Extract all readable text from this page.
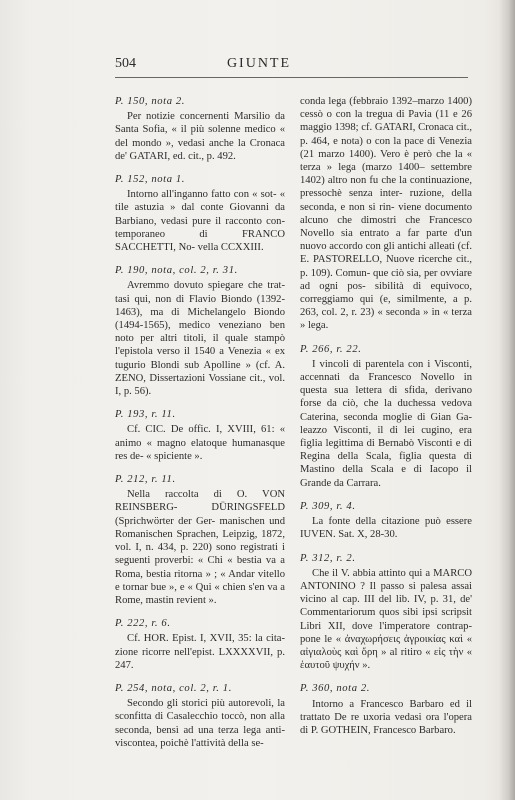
504	GIUNTE

P. 150, nota 2.

Per notizie concernenti Marsilio da Santa Sofia, « il più solenne medico « del mondo », vedasi anche la Cronaca de' GATARI, ed. cit., p. 492.

P. 152, nota 1.

Intorno all'inganno fatto con « sot- « tile astuzia » dal conte Giovanni da Barbiano, vedasi pure il racconto con- temporaneo di FRANCO SACCHETTI, No- vella CCXXIII.

P. 190, nota, col. 2, r. 31.

Avremmo dovuto spiegare che trat- tasi qui, non di Flavio Biondo (1392- 1463), ma di Michelangelo Biondo (1494-1565), medico veneziano ben noto per altri titoli, il quale stampò l'epistola verso il 1540 a Venezia « ex tugurio Blondi sub Apolline » (cf. A. ZENO, Dissertazioni Vossiane cit., vol. I, p. 56).

P. 193, r. 11.

Cf. CIC. De offic. I, XVIII, 61: « animo « magno elatoque humanasque res de- « spiciente ».

P. 212, r. 11.

Nella raccolta di O. VON REINSBERG- DÜRINGSFELD (Sprichwörter der Ger- manischen und Romanischen Sprachen, Leipzig, 1872, vol. I, n. 434, p. 220) sono registrati i seguenti proverbi: « Chi « bestia va a Roma, bestia ritorna » ; « Andar vitello e tornar bue », e « Qui « chien s'en va a Rome, mastin revient ».

P. 222, r. 6.

Cf. HOR. Epist. I, XVII, 35: la cita- zione ricorre nell'epist. LXXXXVII, p. 247.

P. 254, nota, col. 2, r. 1.

Secondo gli storici più autorevoli, la sconfitta di Casalecchio toccò, non alla seconda, bensì ad una terza lega anti- viscontea, poichè l'attività della se-

conda lega (febbraio 1392–marzo 1400) cessò o con la tregua di Pavia (11 e 26 maggio 1398; cf. GATARI, Cronaca cit., p. 464, e nota) o con la pace di Venezia (21 marzo 1400). Vero è però che la « terza » lega (marzo 1400– settembre 1402) altro non fu che la continuazione, pressochè senza inter- ruzione, della seconda, e non si rin- viene documento alcuno che dimostri che Francesco Novello sia entrato a far parte d'un nuovo accordo con gli antichi alleati (cf. E. PASTORELLO, Nuove ricerche cit., p. 109). Comun- que ciò sia, per ovviare ad ogni pos- sibilità di equivoco, correggiamo qui (e, similmente, a p. 263, col. 2, r. 23) « seconda » in « terza » lega.

P. 266, r. 22.

I vincoli di parentela con i Visconti, accennati da Francesco Novello in questa sua lettera di sfida, derivano forse da ciò, che la duchessa vedova Caterina, seconda moglie di Gian Ga- leazzo Visconti, il di lei cugino, era figlia legittima di Bernabò Visconti e di Regina della Scala, figlia questa di Mastino della Scala e di Iacopo il Grande da Carrara.

P. 309, r. 4.

La fonte della citazione può essere IUVEN. Sat. X, 28-30.

P. 312, r. 2.

Che il V. abbia attinto qui a MARCO ANTONINO ? Il passo si palesa assai vicino al cap. III del lib. IV, p. 31, de' Commentariorum quos sibi ipsi scripsit Libri XII, dove l'imperatore contrap- pone le « ἀναχωρήσεις ἀγροικίας καὶ « αἰγιαλοὺς καὶ ὄρη » al ritiro « εἰς τὴν « ἑαυτοῦ ψυχήν ».

P. 360, nota 2.

Intorno a Francesco Barbaro ed il trattato De re uxoria vedasi ora l'opera di P. GOTHEIN, Francesco Barbaro.
